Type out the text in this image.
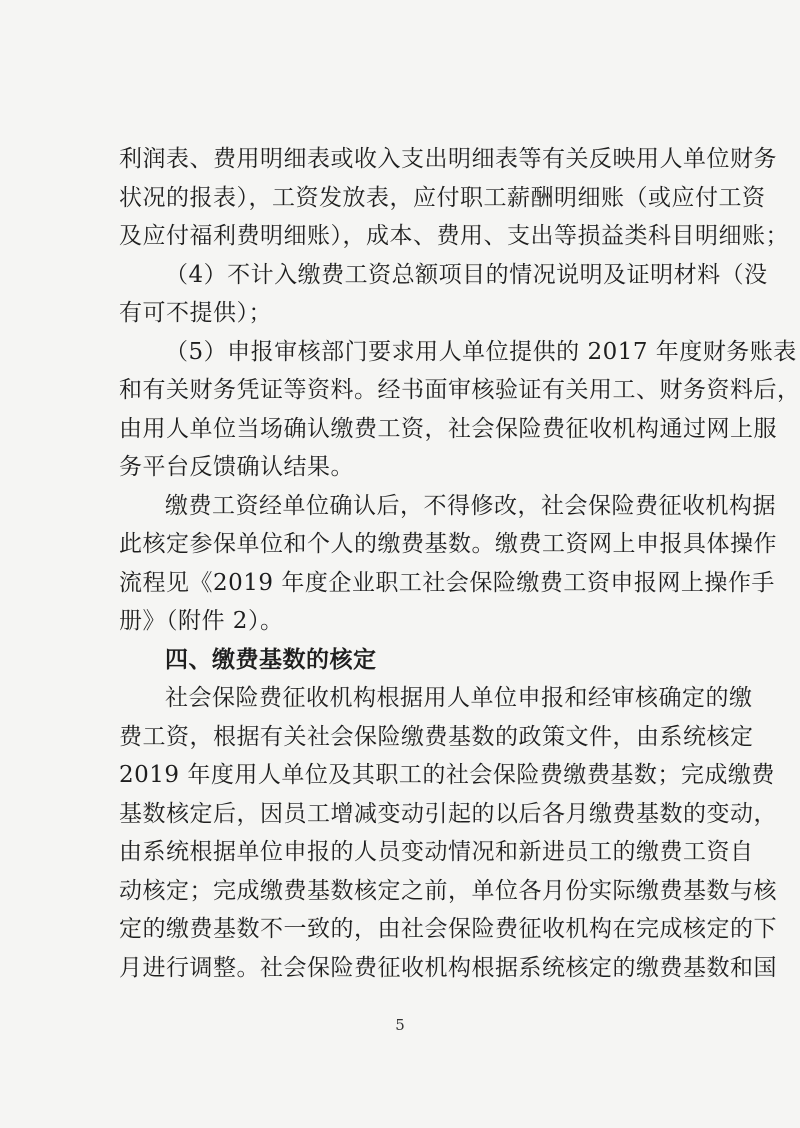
利润表、费用明细表或收入支出明细表等有关反映用人单位财务
状况的报表），工资发放表，应付职工薪酬明细账（或应付工资
及应付福利费明细账），成本、费用、支出等损益类科目明细账；
（4）不计入缴费工资总额项目的情况说明及证明材料（没
有可不提供）；
（5）申报审核部门要求用人单位提供的 2017 年度财务账表
和有关财务凭证等资料。经书面审核验证有关用工、财务资料后，
由用人单位当场确认缴费工资，社会保险费征收机构通过网上服
务平台反馈确认结果。
缴费工资经单位确认后，不得修改，社会保险费征收机构据
此核定参保单位和个人的缴费基数。缴费工资网上申报具体操作
流程见《2019 年度企业职工社会保险缴费工资申报网上操作手
册》（附件 2）。
四、缴费基数的核定
社会保险费征收机构根据用人单位申报和经审核确定的缴
费工资，根据有关社会保险缴费基数的政策文件，由系统核定
2019 年度用人单位及其职工的社会保险费缴费基数；完成缴费
基数核定后，因员工增减变动引起的以后各月缴费基数的变动，
由系统根据单位申报的人员变动情况和新进员工的缴费工资自
动核定；完成缴费基数核定之前，单位各月份实际缴费基数与核
定的缴费基数不一致的，由社会保险费征收机构在完成核定的下
月进行调整。社会保险费征收机构根据系统核定的缴费基数和国
5
